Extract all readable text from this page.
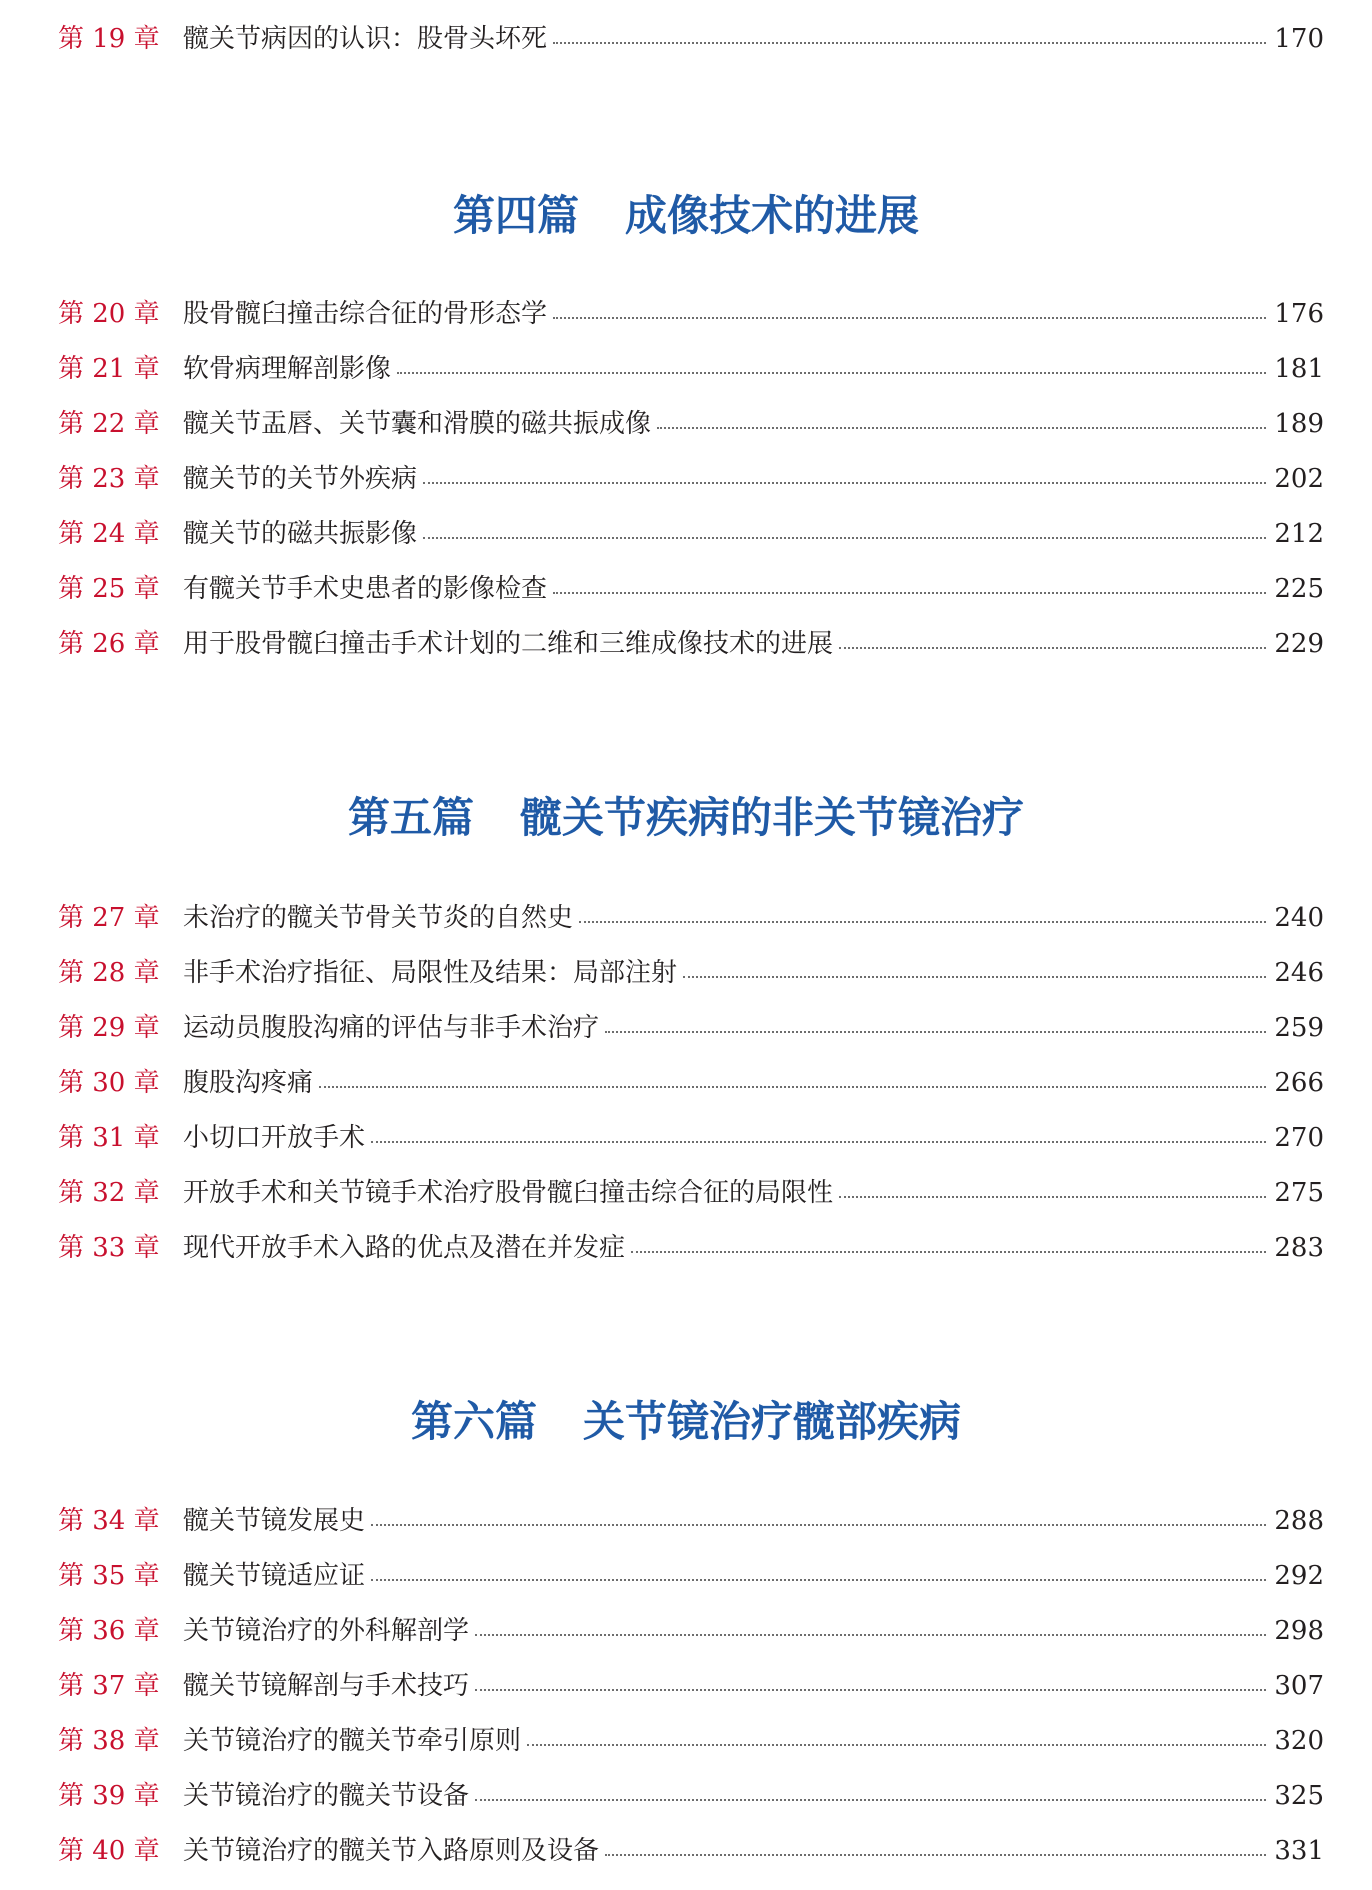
第 19 章 髋关节病因的认识：股骨头坏死	170
第四篇 成像技术的进展
第 20 章 股骨髋臼撞击综合征的骨形态学	176
第 21 章 软骨病理解剖影像	181
第 22 章 髋关节盂唇、关节囊和滑膜的磁共振成像	189
第 23 章 髋关节的关节外疾病	202
第 24 章 髋关节的磁共振影像	212
第 25 章 有髋关节手术史患者的影像检查	225
第 26 章 用于股骨髋臼撞击手术计划的二维和三维成像技术的进展	229
第五篇 髋关节疾病的非关节镜治疗
第 27 章 未治疗的髋关节骨关节炎的自然史	240
第 28 章 非手术治疗指征、局限性及结果：局部注射	246
第 29 章 运动员腹股沟痛的评估与非手术治疗	259
第 30 章 腹股沟疼痛	266
第 31 章 小切口开放手术	270
第 32 章 开放手术和关节镜手术治疗股骨髋臼撞击综合征的局限性	275
第 33 章 现代开放手术入路的优点及潜在并发症	283
第六篇 关节镜治疗髋部疾病
第 34 章 髋关节镜发展史	288
第 35 章 髋关节镜适应证	292
第 36 章 关节镜治疗的外科解剖学	298
第 37 章 髋关节镜解剖与手术技巧	307
第 38 章 关节镜治疗的髋关节牵引原则	320
第 39 章 关节镜治疗的髋关节设备	325
第 40 章 关节镜治疗的髋关节入路原则及设备	331
